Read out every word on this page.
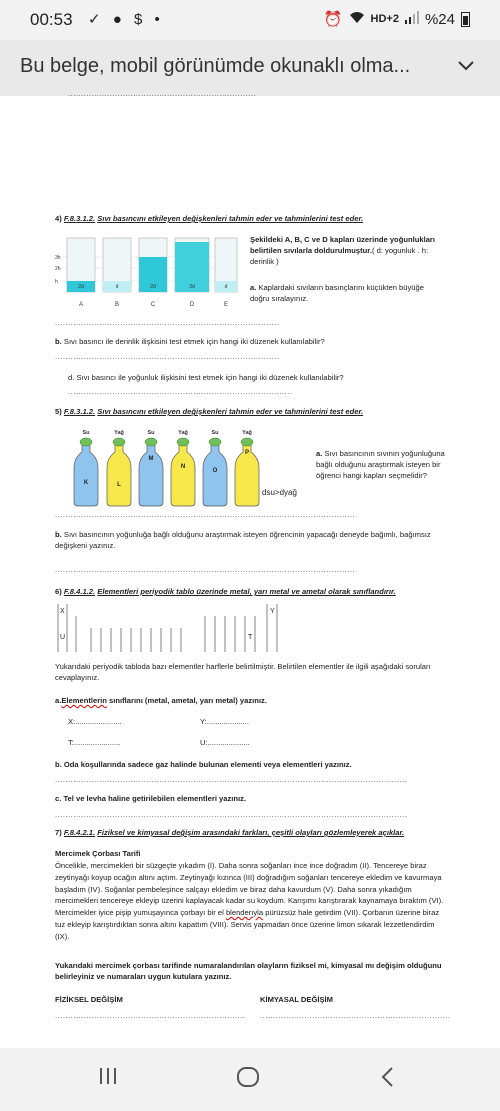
00:53 ✓ ● $ •	⏰	HD+2 %24
Bu belge, mobil görünümde okunaklı olma...
........................................................................
4) F.8.3.1.2. Sıvı basıncını etkileyen değişkenleri tahmin eder ve tahminlerini test eder.
3h
2h
h
2d	d	2d	3d	d
A	B	C	D	E
Şekildeki A, B, C ve D kapları üzerinde yoğunlukları belirtilen sıvılarla doldurulmuştur.( d: yogunluk . h: derinlik )
a. Kaplardaki sıvıların basınçlarını küçükten büyüğe doğru sıralayınız.
......................................................................................
b. Sıvı basıncı ile derinlik ilişkisini test etmek için hangi iki düzenek kullanılabilir?
......................................................................................
d. Sıvı basıncı ile yoğunluk ilişkisini test etmek için hangi iki düzenek kullanılabilir?
......................................................................................
5) F.8.3.1.2. Sıvı basıncını etkileyen değişkenleri tahmin eder ve tahminlerini test eder.
Su	Yağ	Su	Yağ	Su	Yağ
K	L
M
N
O
P
dsu>dyağ
a. Sıvı basıncının sıvının yoğunluğuna bağlı olduğunu araştırmak isteyen bir öğrenci hangi kapları seçmelidir?
...................................................................................................................
b. Sıvı basıncının yoğunluğa bağlı olduğunu araştırmak isteyen öğrencinin yapacağı deneyde bağımlı, bağımsız değişkeni yazınız.
...................................................................................................................
6) F.8.4.1.2. Elementleri periyodik tablo üzerinde metal, yarı metal ve ametal olarak sınıflandırır.
X	Y
U	T
Yukarıdaki periyodik tabloda bazı elementler harflerle belirtilmiştir. Belirtilen elementler ile ilgili aşağıdaki soruları cevaplayınız.
a.Elementlerin sınıflarını (metal, ametal, yarı metal) yazınız.
X:......................	Y:....................
T:......................	U:....................
b. Oda koşullarında sadece gaz halinde bulunan elementi veya elementleri yazınız.
.......................................................................................................................................
c. Tel ve levha haline getirilebilen elementleri yazınız.
.......................................................................................................................................
7) F.8.4.2.1. Fiziksel ve kimyasal değişim arasındaki farkları, çeşitli olayları gözlemleyerek açıklar.
Mercimek Çorbası Tarifi
Öncelikle, mercimekleri bir süzgeçte yıkadım (I). Daha sonra soğanları ince ince doğradım (II). Tencereye biraz zeytinyağı koyup ocağın altını açtım. Zeytinyağı kızınca (III) doğradığım soğanları tencereye ekledim ve kavurmaya başladım (IV). Soğanlar pembeleşince salçayı ekledim ve biraz daha kavurdum (V). Daha sonra yıkadığım mercimekleri tencereye ekleyip üzerini kaplayacak kadar su koydum. Karışımı karıştırarak kaynamaya bıraktım (VI). Mercimekler iyice pişip yumuşayınca çorbayı bir el blenderıyla pürüzsüz hale getirdim (VII). Çorbanın üzerine biraz tuz ekleyip karıştırdıktan sonra altını kapattım (VIII). Servis yapmadan önce üzerine limon sıkarak lezzetlendirdim (IX).
Yukarıdaki mercimek çorbası tarifinde numaralandırılan olayların fiziksel mi, kimyasal mı değişim olduğunu belirleyiniz ve numaraları uygun kutulara yazınız.
FİZİKSEL DEĞİŞİM	KİMYASAL DEĞİŞİM
......................................................................... .........................................................................
